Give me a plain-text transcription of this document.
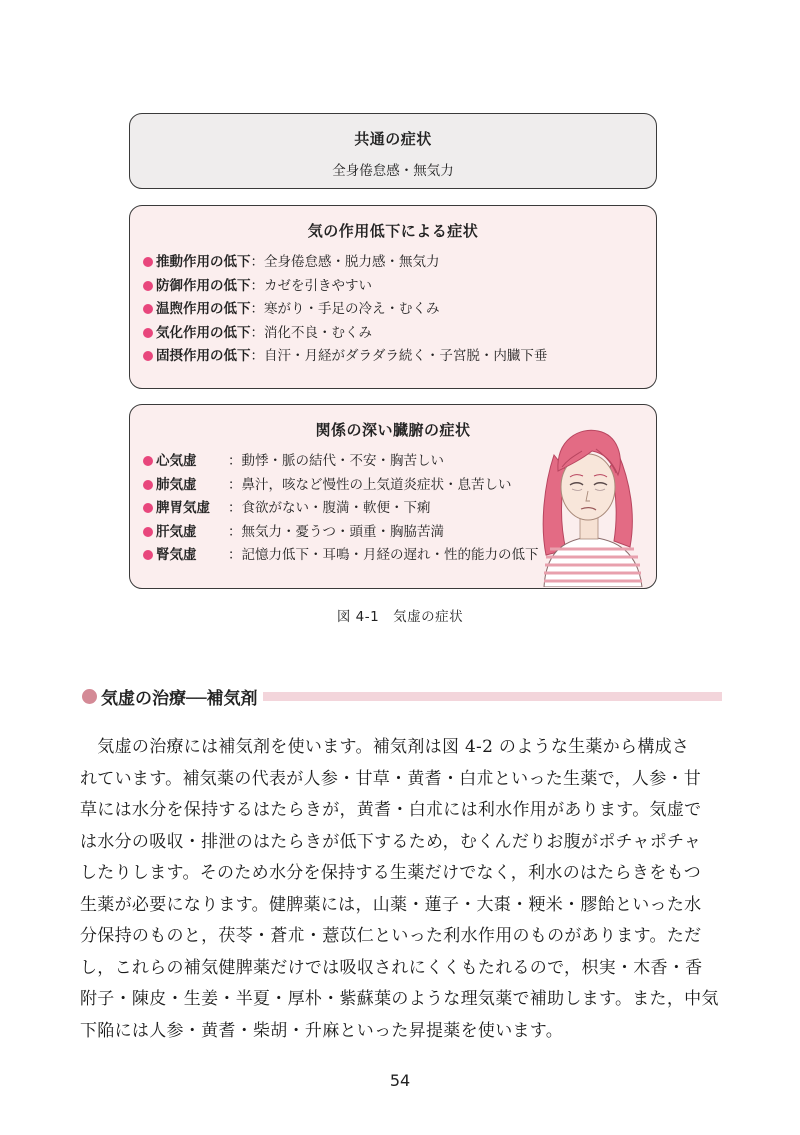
共通の症状
全身倦怠感・無気力
気の作用低下による症状
推動作用の低下：全身倦怠感・脱力感・無気力
防御作用の低下：カゼを引きやすい
温煦作用の低下：寒がり・手足の冷え・むくみ
気化作用の低下：消化不良・むくみ
固摂作用の低下：自汗・月経がダラダラ続く・子宮脱・内臓下垂
関係の深い臓腑の症状
心気虚 ：動悸・脈の結代・不安・胸苦しい
肺気虚 ：鼻汁，咳など慢性の上気道炎症状・息苦しい
脾胃気虚 ：食欲がない・腹満・軟便・下痢
肝気虚 ：無気力・憂うつ・頭重・胸脇苦満
腎気虚 ：記憶力低下・耳鳴・月経の遅れ・性的能力の低下
図 4-1　気虚の症状
気虚の治療──補気剤
　気虚の治療には補気剤を使います。補気剤は図 4-2 のような生薬から構成さ
れています。補気薬の代表が人参・甘草・黄耆・白朮といった生薬で，人参・甘
草には水分を保持するはたらきが，黄耆・白朮には利水作用があります。気虚で
は水分の吸収・排泄のはたらきが低下するため，むくんだりお腹がポチャポチャ
したりします。そのため水分を保持する生薬だけでなく，利水のはたらきをもつ
生薬が必要になります。健脾薬には，山薬・蓮子・大棗・粳米・膠飴といった水
分保持のものと，茯苓・蒼朮・薏苡仁といった利水作用のものがあります。ただ
し，これらの補気健脾薬だけでは吸収されにくくもたれるので，枳実・木香・香
附子・陳皮・生姜・半夏・厚朴・紫蘇葉のような理気薬で補助します。また，中気
下陥には人参・黄耆・柴胡・升麻といった昇提薬を使います。
54
